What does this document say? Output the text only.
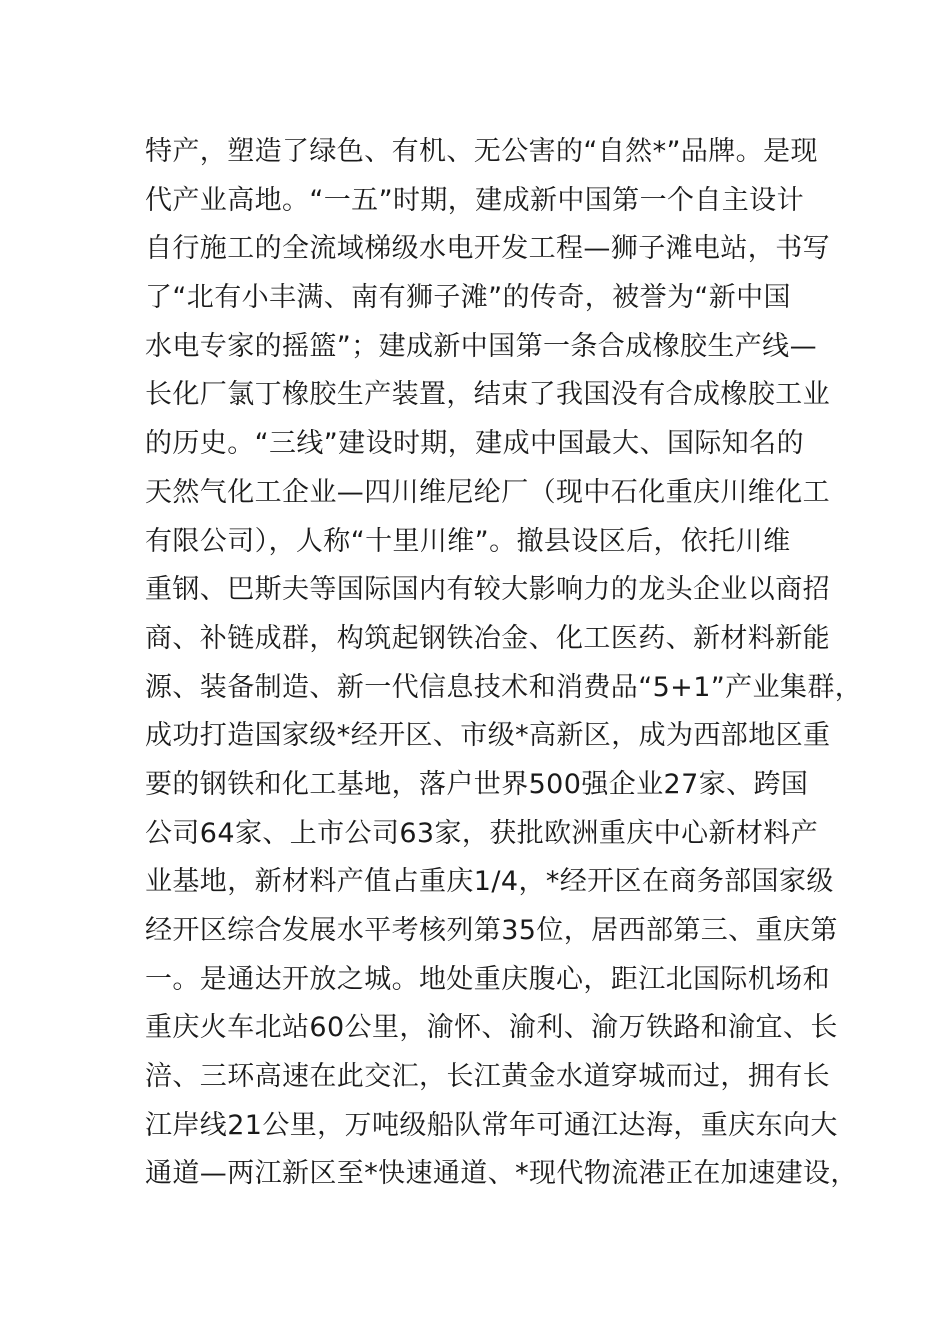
特产，塑造了绿色、有机、无公害的“自然*”品牌。是现
代产业高地。“一五”时期，建成新中国第一个自主设计
自行施工的全流域梯级水电开发工程—狮子滩电站，书写
了“北有小丰满、南有狮子滩”的传奇，被誉为“新中国
水电专家的摇篮”；建成新中国第一条合成橡胶生产线—
长化厂氯丁橡胶生产装置，结束了我国没有合成橡胶工业
的历史。“三线”建设时期，建成中国最大、国际知名的
天然气化工企业—四川维尼纶厂（现中石化重庆川维化工
有限公司），人称“十里川维”。撤县设区后，依托川维
重钢、巴斯夫等国际国内有较大影响力的龙头企业以商招
商、补链成群，构筑起钢铁冶金、化工医药、新材料新能
源、装备制造、新一代信息技术和消费品“5+1”产业集群，
成功打造国家级*经开区、市级*高新区，成为西部地区重
要的钢铁和化工基地，落户世界500强企业27家、跨国
公司64家、上市公司63家，获批欧洲重庆中心新材料产
业基地，新材料产值占重庆1/4，*经开区在商务部国家级
经开区综合发展水平考核列第35位，居西部第三、重庆第
一。是通达开放之城。地处重庆腹心，距江北国际机场和
重庆火车北站60公里，渝怀、渝利、渝万铁路和渝宜、长
涪、三环高速在此交汇，长江黄金水道穿城而过，拥有长
江岸线21公里，万吨级船队常年可通江达海，重庆东向大
通道—两江新区至*快速通道、*现代物流港正在加速建设，
